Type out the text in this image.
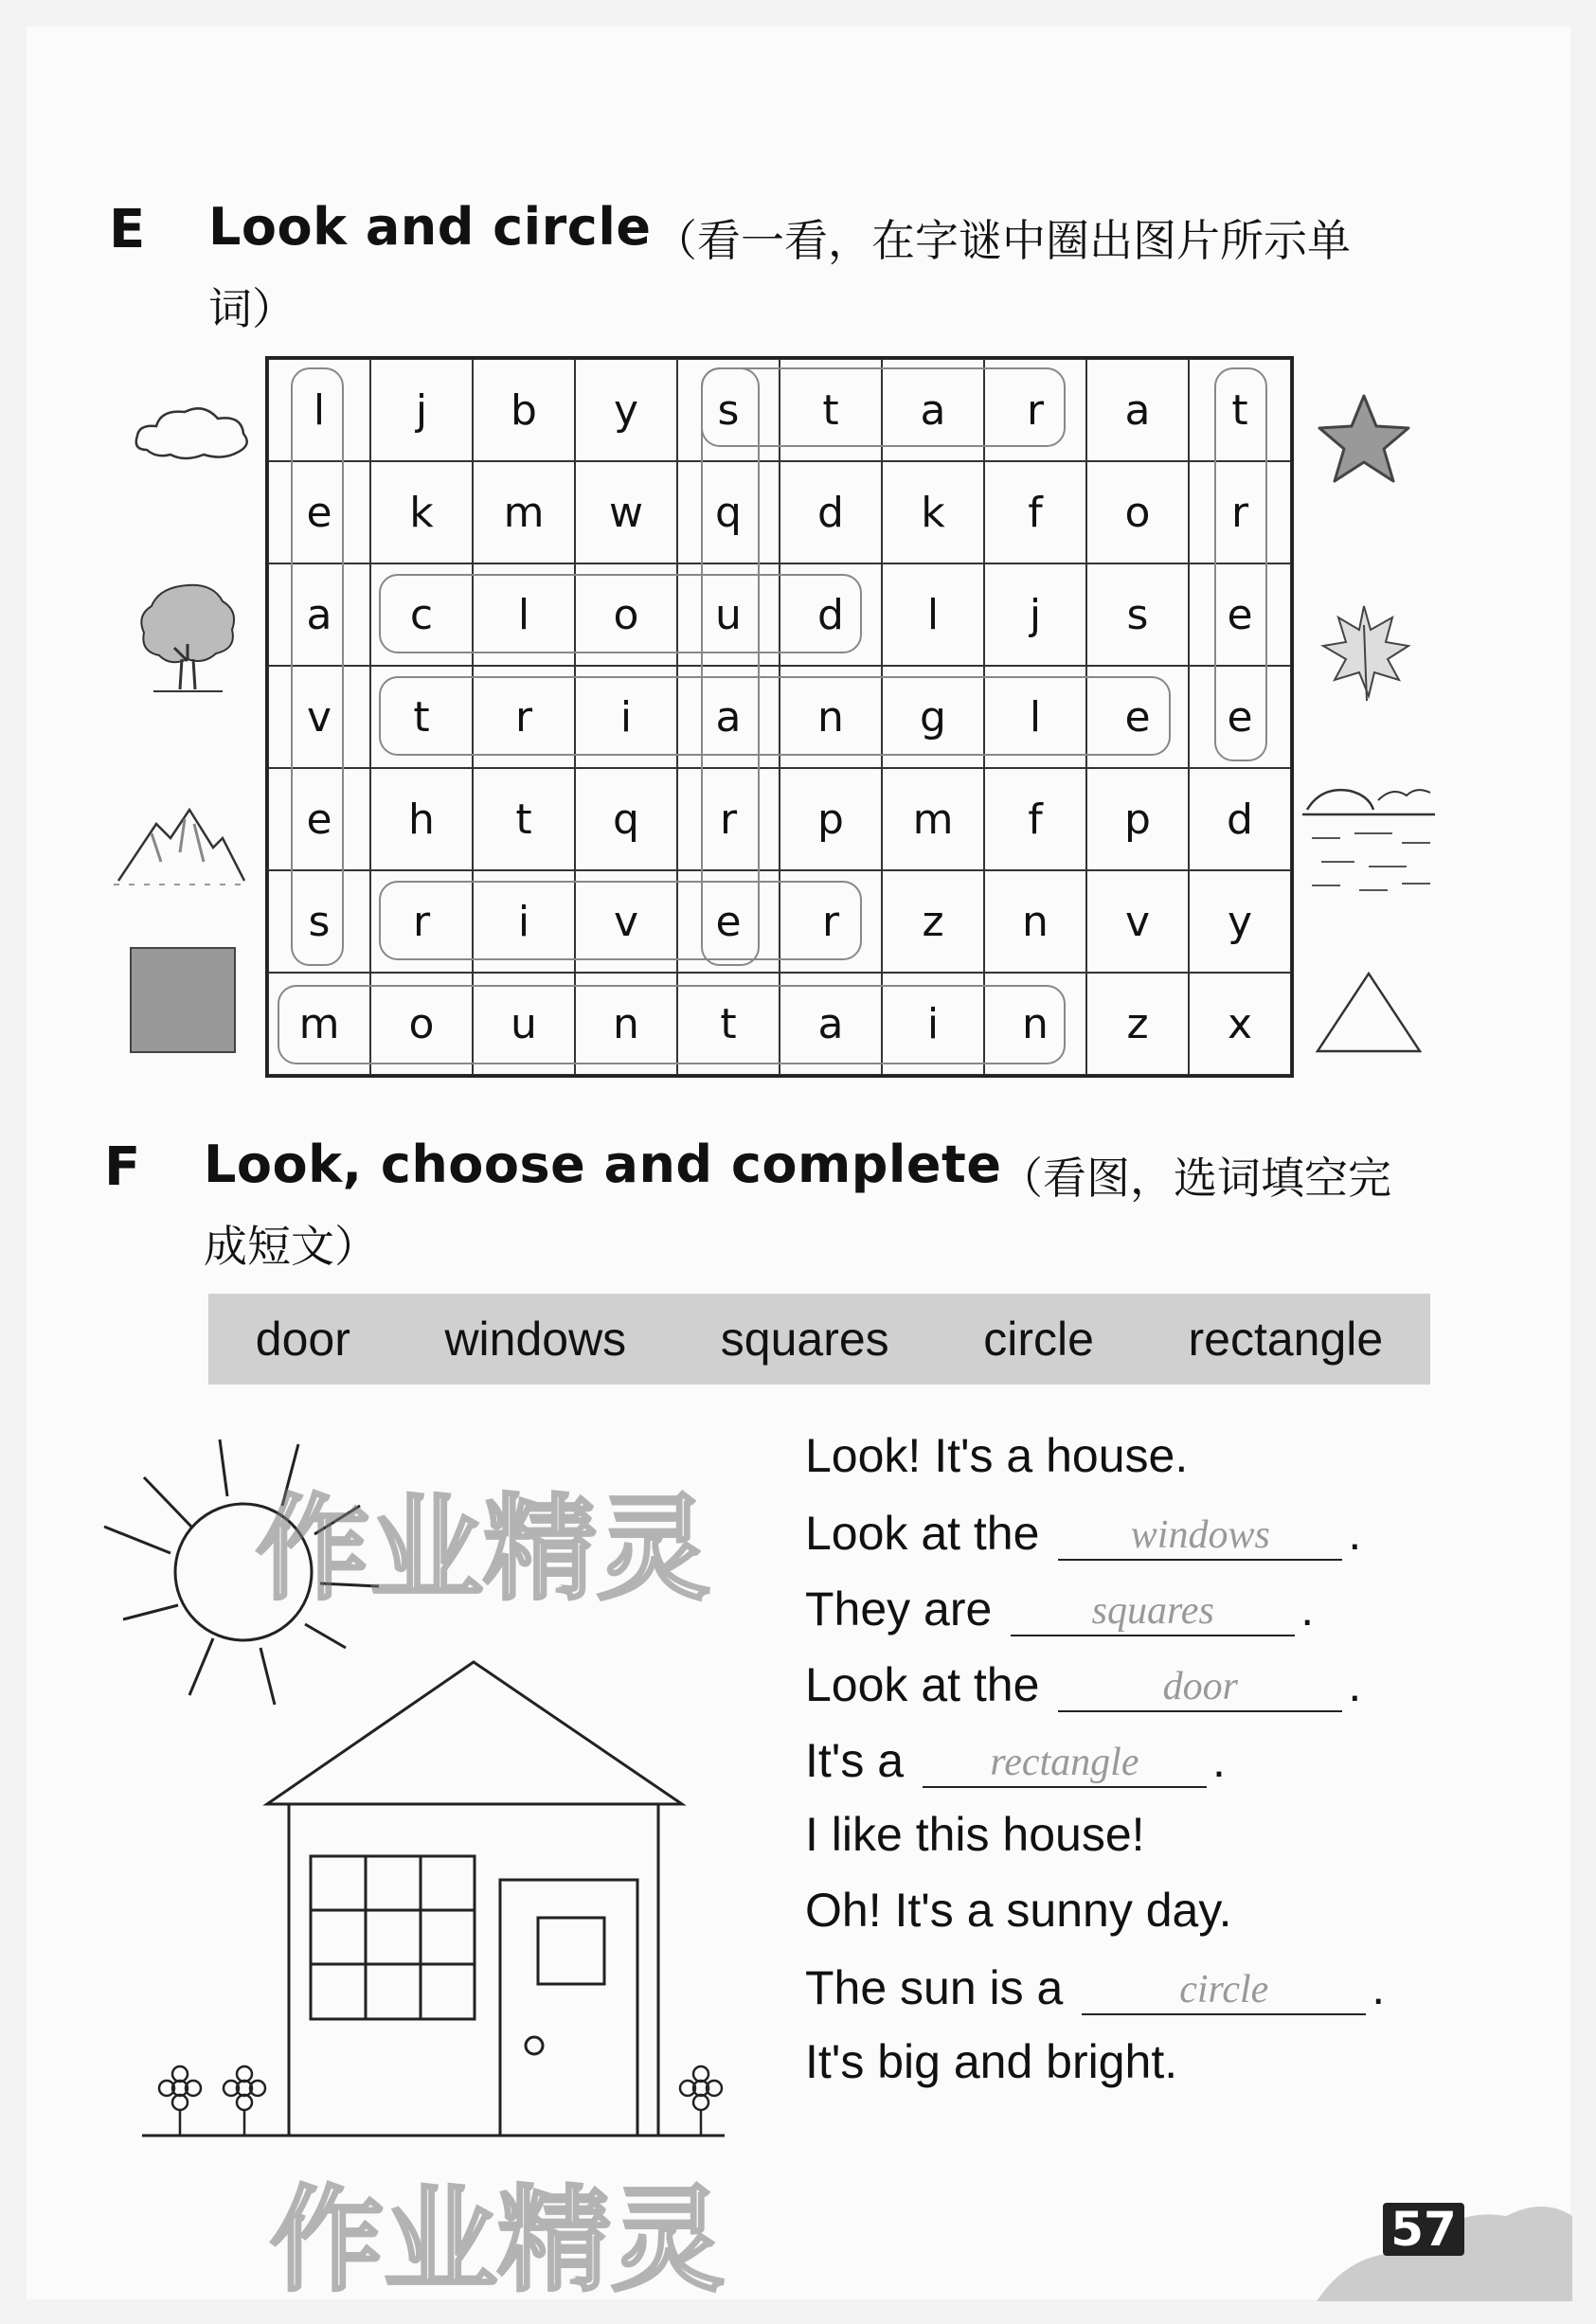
E Look and circle （看一看，在字谜中圈出图片所示单
词）
l	j	b	y	s	t	a	r	a	t
e	k	m	w	q	d	k	f	o	r
a	c	l	o	u	d	l	j	s	e
v	t	r	i	a	n	g	l	e	e
e	h	t	q	r	p	m	f	p	d
s	r	i	v	e	r	z	n	v	y
m	o	u	n	t	a	i	n	z	x
F Look, choose and complete
（看图，选词填空完
成短文）
door windows squares circle rectangle
Look! It's a house.
Look at the windows .
They are	squares .
Look at the	door .
It's a rectangle .
I like this house!
Oh! It's a sunny day.
The sun is a	circle .
It's big and bright.
作业精灵
作业精灵	57
